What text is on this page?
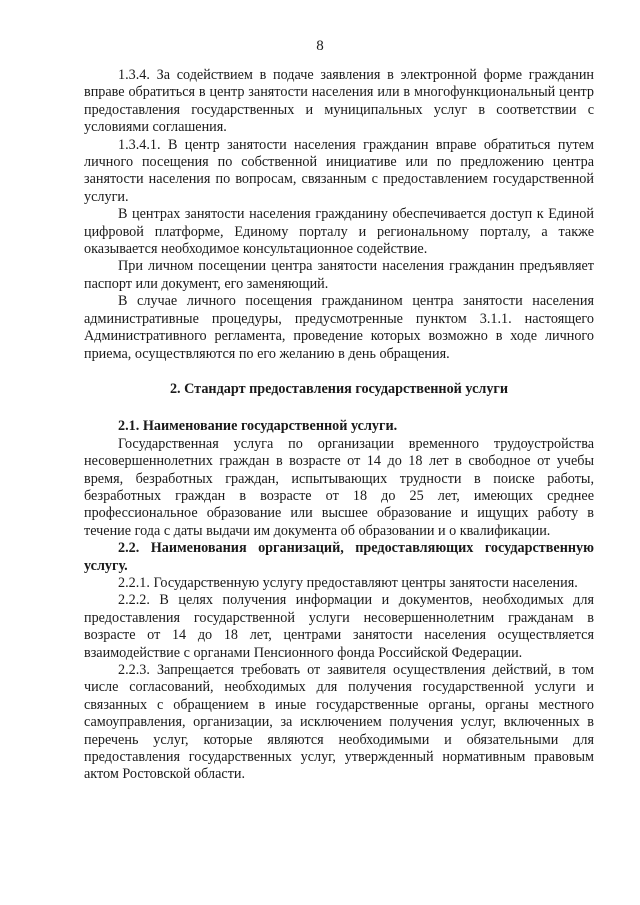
8

1.3.4. За содействием в подаче заявления в электронной форме гражданин вправе обратиться в центр занятости населения или в многофункциональный центр предоставления государственных и муниципальных услуг в соответствии с условиями соглашения.

1.3.4.1. В центр занятости населения гражданин вправе обратиться путем личного посещения по собственной инициативе или по предложению центра занятости населения по вопросам, связанным с предоставлением государственной услуги.

В центрах занятости населения гражданину обеспечивается доступ к Единой цифровой платформе, Единому порталу и региональному порталу, а также оказывается необходимое консультационное содействие.

При личном посещении центра занятости населения гражданин предъявляет паспорт или документ, его заменяющий.

В случае личного посещения гражданином центра занятости населения административные процедуры, предусмотренные пунктом 3.1.1. настоящего Административного регламента, проведение которых возможно в ходе личного приема, осуществляются по его желанию в день обращения.

2. Стандарт предоставления государственной услуги
2.1. Наименование государственной услуги.

Государственная услуга по организации временного трудоустройства несовершеннолетних граждан в возрасте от 14 до 18 лет в свободное от учебы время, безработных граждан, испытывающих трудности в поиске работы, безработных граждан в возрасте от 18 до 25 лет, имеющих среднее профессиональное образование или высшее образование и ищущих работу в течение года с даты выдачи им документа об образовании и о квалификации.

2.2. Наименования организаций, предоставляющих государственную услугу.

2.2.1. Государственную услугу предоставляют центры занятости населения.

2.2.2. В целях получения информации и документов, необходимых для предоставления государственной услуги несовершеннолетним гражданам в возрасте от 14 до 18 лет, центрами занятости населения осуществляется взаимодействие с органами Пенсионного фонда Российской Федерации.

2.2.3. Запрещается требовать от заявителя осуществления действий, в том числе согласований, необходимых для получения государственной услуги и связанных с обращением в иные государственные органы, органы местного самоуправления, организации, за исключением получения услуг, включенных в перечень услуг, которые являются необходимыми и обязательными для предоставления государственных услуг, утвержденный нормативным правовым актом Ростовской области.
